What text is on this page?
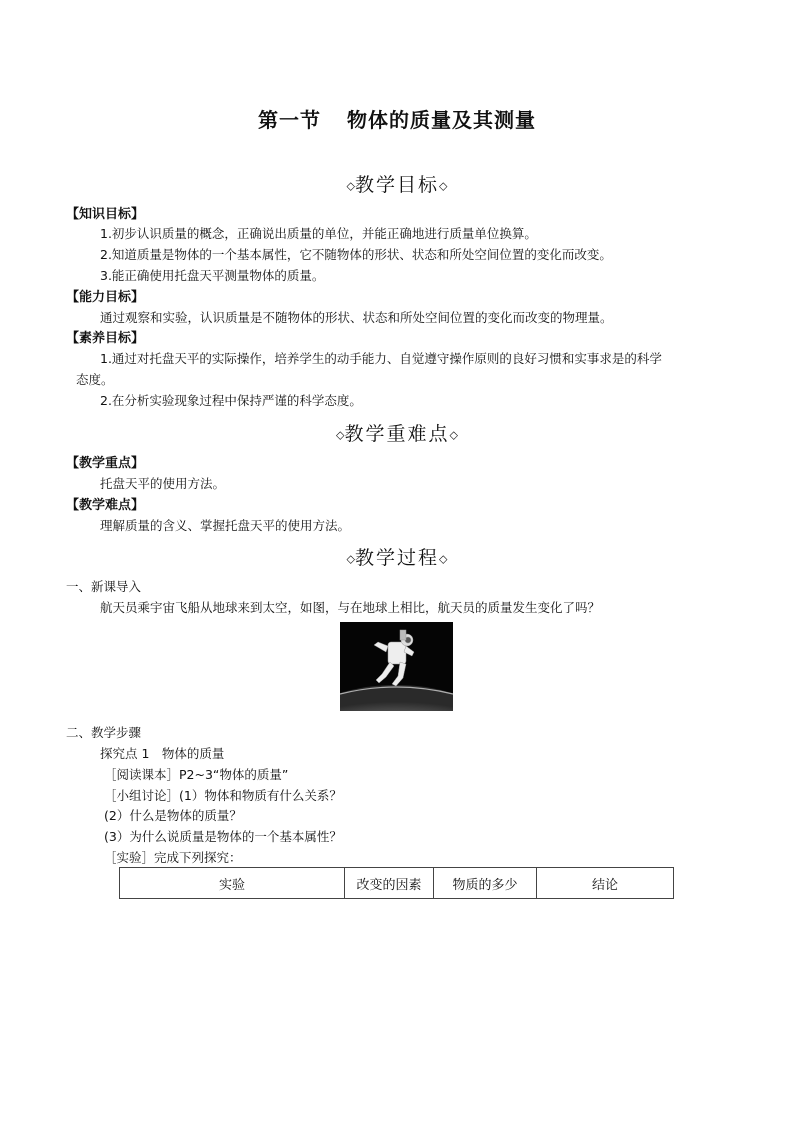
第一节 物体的质量及其测量
◇教学目标◇
【知识目标】
1.初步认识质量的概念，正确说出质量的单位，并能正确地进行质量单位换算。
2.知道质量是物体的一个基本属性，它不随物体的形状、状态和所处空间位置的变化而改变。
3.能正确使用托盘天平测量物体的质量。
【能力目标】
通过观察和实验，认识质量是不随物体的形状、状态和所处空间位置的变化而改变的物理量。
【素养目标】
1.通过对托盘天平的实际操作，培养学生的动手能力、自觉遵守操作原则的良好习惯和实事求是的科学
态度。
2.在分析实验现象过程中保持严谨的科学态度。
◇教学重难点◇
【教学重点】
托盘天平的使用方法。
【教学难点】
理解质量的含义、掌握托盘天平的使用方法。
◇教学过程◇
一、新课导入
航天员乘宇宙飞船从地球来到太空，如图，与在地球上相比，航天员的质量发生变化了吗？
二、教学步骤
探究点 1　物体的质量
［阅读课本］P2~3“物体的质量”
［小组讨论］(1）物体和物质有什么关系？
(2）什么是物体的质量？
(3）为什么说质量是物体的一个基本属性？
［实验］完成下列探究：
实验	改变的因素	物质的多少	结论
